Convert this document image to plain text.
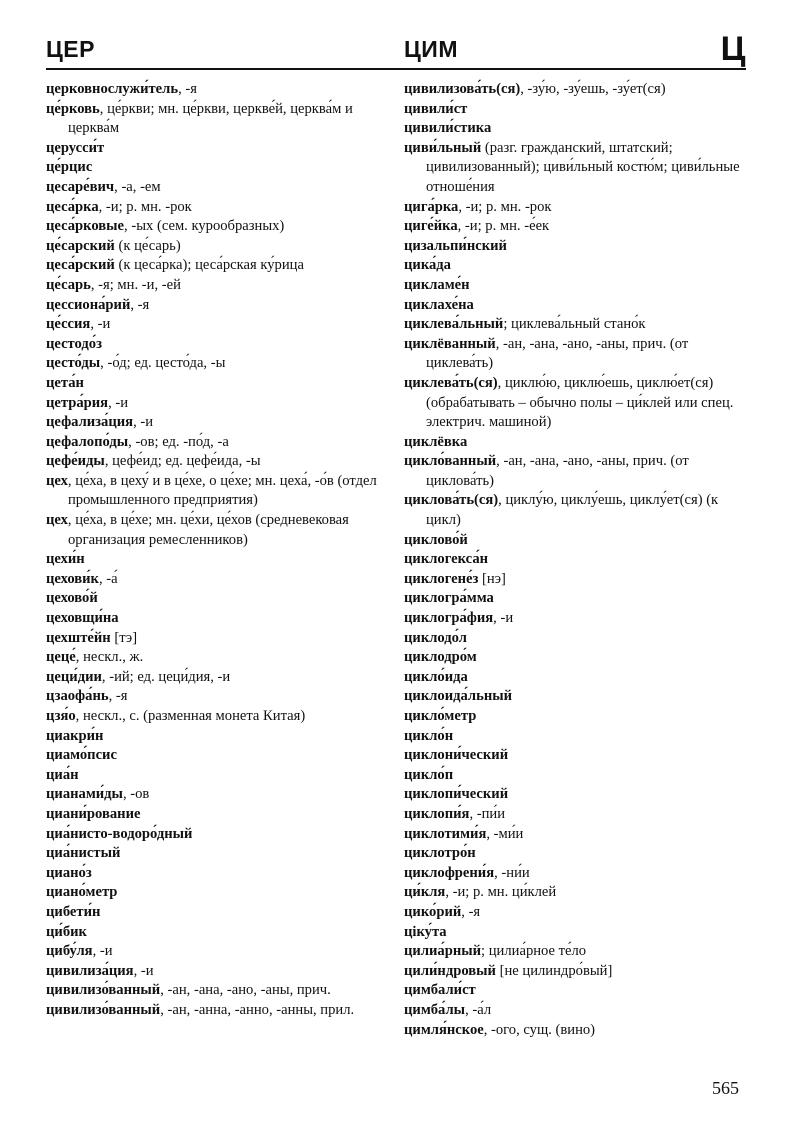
ЦЕР	ЦИМ	Ц
церковнослужи́тель, -я
це́рковь, це́ркви; мн. це́ркви, церкве́й, церква́м и церква́м
церусси́т
це́рцис
цесаре́вич, -а, -ем
цеса́рка, -и; р. мн. -рок
цеса́рковые, -ых (сем. курообразных)
це́сарский (к це́сарь)
цеса́рский (к цеса́рка); цеса́рская ку́рица
це́сарь, -я; мн. -и, -ей
цессиона́рий, -я
це́ссия, -и
цестодо́з
цесто́ды, -о́д; ед. цесто́да, -ы
цета́н
цетра́рия, -и
цефализа́ция, -и
цефалопо́ды, -ов; ед. -по́д, -а
цефе́иды, цефе́ид; ед. цефе́ида, -ы
цех, це́ха, в цеху́ и в це́хе, о це́хе; мн. цеха́, -о́в (отдел промышленного предприятия)
цех, це́ха, в це́хе; мн. це́хи, це́хов (средневековая организация ремесленников)
цехи́н
цехови́к, -а́
цехово́й
цеховщи́на
цехште́йн [тэ]
цеце́, нескл., ж.
цеци́дии, -ий; ед. цеци́дия, -и
цзаофа́нь, -я
цзя́о, нескл., с. (разменная монета Китая)
циакри́н
циамо́псис
циа́н
цианами́ды, -ов
циани́рование
циа́нисто-водоро́дный
циа́нистый
циано́з
циано́метр
цибети́н
ци́бик
цибу́ля, -и
цивилиза́ция, -и
цивилизо́ванный, -ан, -ана, -ано, -аны, прич.
цивилизо́ванный, -ан, -анна, -анно, -анны, прил.
цивилизова́ть(ся), -зу́ю, -зу́ешь, -зу́ет(ся)
цивили́ст
цивили́стика
циви́льный (разг. гражданский, штатский; цивилизованный); циви́льный костю́м; циви́льные отноше́ния
цига́рка, -и; р. мн. -рок
циге́йка, -и; р. мн. -е́ек
цизальпи́нский
цика́да
цикламе́н
циклахе́на
циклева́льный; циклева́льный стано́к
циклёванный, -ан, -ана, -ано, -аны, прич. (от циклева́ть)
циклева́ть(ся), циклю́ю, циклю́ешь, циклю́ет(ся) (обрабатывать – обычно полы – ци́клей или спец. электрич. машиной)
циклёвка
цикло́ванный, -ан, -ана, -ано, -аны, прич. (от циклова́ть)
циклова́ть(ся), циклу́ю, циклу́ешь, циклу́ет(ся) (к цикл)
циклово́й
циклогекса́н
циклогене́з [нэ]
циклогра́мма
циклогра́фия, -и
циклодо́л
циклодро́м
цикло́ида
циклоида́льный
цикло́метр
цикло́н
циклони́ческий
цикло́п
циклопи́ческий
циклопи́я, -пи́и
циклотими́я, -ми́и
циклотро́н
циклофрени́я, -ни́и
ци́кля, -и; р. мн. ци́клей
цико́рий, -я
ціку́та
цилиа́рный; цилиа́рное те́ло
цили́ндровый [не цилиндро́вый]
цимбали́ст
цимба́лы, -а́л
цимля́нское, -ого, сущ. (вино)
565
